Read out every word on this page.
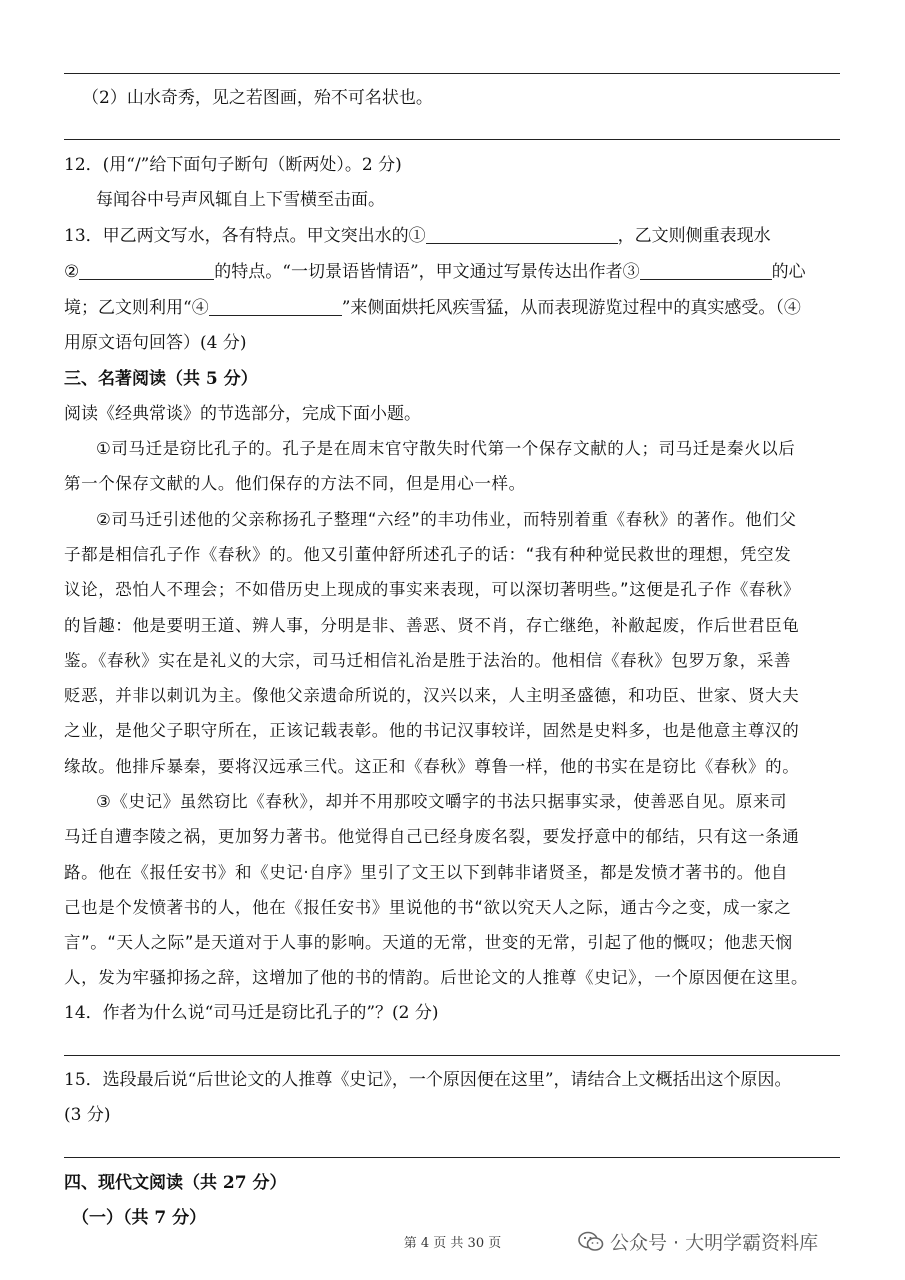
（2）山水奇秀，见之若图画，殆不可名状也。
12．(用“/”给下面句子断句（断两处）。2 分)
每闻谷中号声风辄自上下雪横至击面。
13．甲乙两文写水，各有特点。甲文突出水的①	，乙文则侧重表现水
②	的特点。“一切景语皆情语”，甲文通过写景传达出作者③	的心
境；乙文则利用“④	”来侧面烘托风疾雪猛，从而表现游览过程中的真实感受。（④
用原文语句回答）(4 分)
三、名著阅读（共 5 分）
阅读《经典常谈》的节选部分，完成下面小题。
①司马迁是窃比孔子的。孔子是在周末官守散失时代第一个保存文献的人；司马迁是秦火以后
第一个保存文献的人。他们保存的方法不同，但是用心一样。
②司马迁引述他的父亲称扬孔子整理“六经”的丰功伟业，而特别着重《春秋》的著作。他们父
子都是相信孔子作《春秋》的。他又引董仲舒所述孔子的话：“我有种种觉民救世的理想，凭空发
议论，恐怕人不理会；不如借历史上现成的事实来表现，可以深切著明些。”这便是孔子作《春秋》
的旨趣：他是要明王道、辨人事，分明是非、善恶、贤不肖，存亡继绝，补敝起废，作后世君臣龟
鉴。《春秋》实在是礼义的大宗，司马迁相信礼治是胜于法治的。他相信《春秋》包罗万象，采善
贬恶，并非以刺讥为主。像他父亲遗命所说的，汉兴以来，人主明圣盛德，和功臣、世家、贤大夫
之业，是他父子职守所在，正该记载表彰。他的书记汉事较详，固然是史料多，也是他意主尊汉的
缘故。他排斥暴秦，要将汉远承三代。这正和《春秋》尊鲁一样，他的书实在是窃比《春秋》的。
③《史记》虽然窃比《春秋》，却并不用那咬文嚼字的书法只据事实录，使善恶自见。原来司
马迁自遭李陵之祸，更加努力著书。他觉得自己已经身废名裂，要发抒意中的郁结，只有这一条通
路。他在《报任安书》和《史记·自序》里引了文王以下到韩非诸贤圣，都是发愤才著书的。他自
己也是个发愤著书的人，他在《报任安书》里说他的书“欲以究天人之际，通古今之变，成一家之
言”。“天人之际”是天道对于人事的影响。天道的无常，世变的无常，引起了他的慨叹；他悲天悯
人，发为牢骚抑扬之辞，这增加了他的书的情韵。后世论文的人推尊《史记》，一个原因便在这里。
14．作者为什么说“司马迁是窃比孔子的”？(2 分)
15．选段最后说“后世论文的人推尊《史记》，一个原因便在这里”，请结合上文概括出这个原因。
(3 分)
四、现代文阅读（共 27 分）
（一）（共 7 分）
第 4 页 共 30 页	公众号 · 大明学霸资料库
